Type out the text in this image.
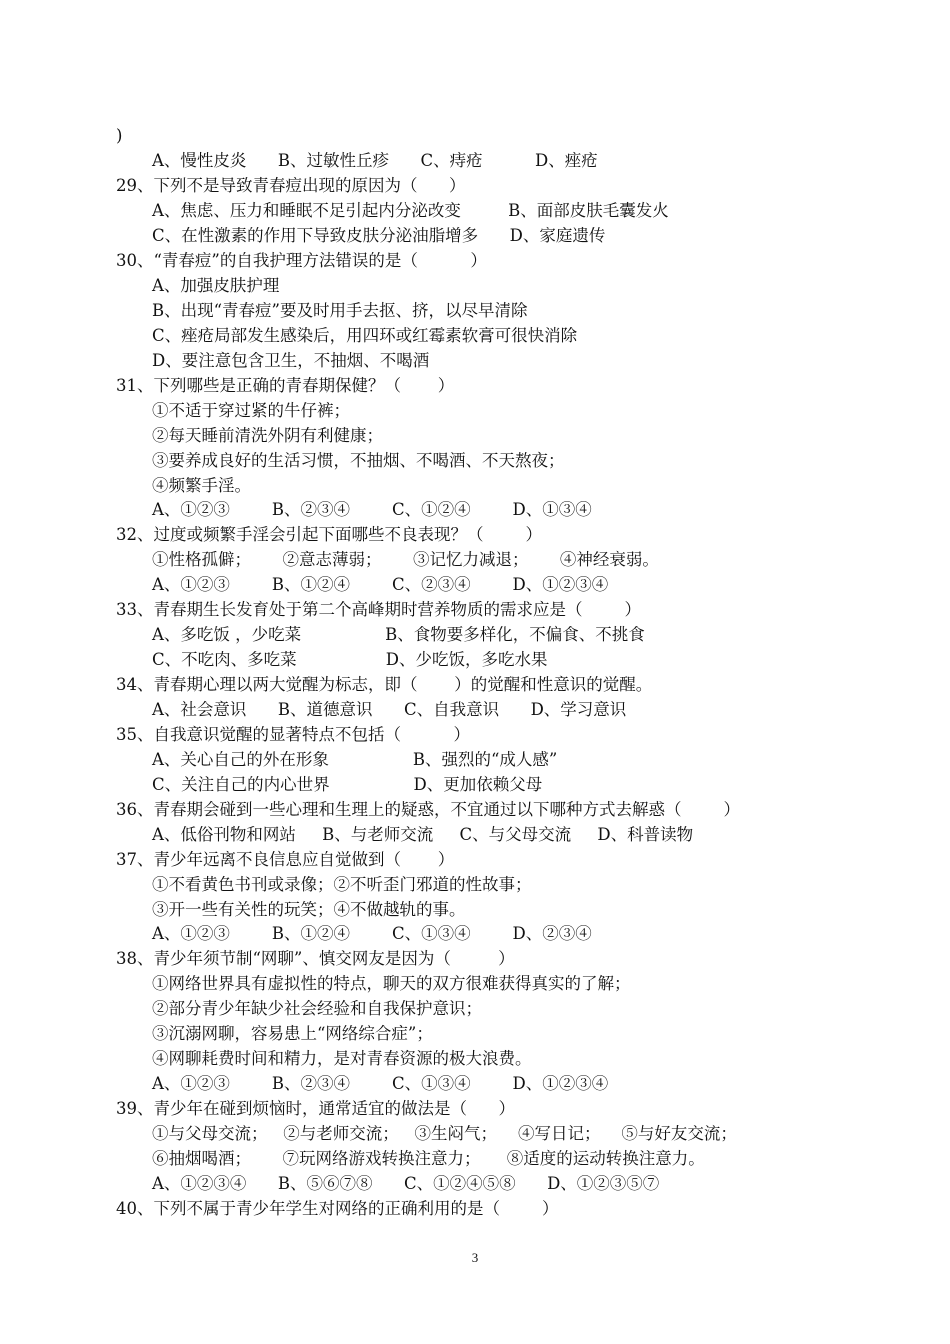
)
A、慢性皮炎      B、过敏性丘疹      C、痔疮          D、痤疮
29、下列不是导致青春痘出现的原因为（      ）
A、焦虑、压力和睡眠不足引起内分泌改变         B、面部皮肤毛囊发火
C、在性激素的作用下导致皮肤分泌油脂增多      D、家庭遗传
30、“青春痘”的自我护理方法错误的是（          ）
A、加强皮肤护理
B、出现“青春痘”要及时用手去抠、挤，以尽早清除
C、痤疮局部发生感染后，用四环或红霉素软膏可很快消除
D、要注意包含卫生，不抽烟、不喝酒
31、下列哪些是正确的青春期保健？（       ）
①不适于穿过紧的牛仔裤；
②每天睡前清洗外阴有利健康；
③要养成良好的生活习惯，不抽烟、不喝酒、不天熬夜；
④频繁手淫。
A、①②③        B、②③④        C、①②④        D、①③④
32、过度或频繁手淫会引起下面哪些不良表现？（        ）
①性格孤僻；      ②意志薄弱；      ③记忆力减退；      ④神经衰弱。
A、①②③        B、①②④        C、②③④        D、①②③④
33、青春期生长发育处于第二个高峰期时营养物质的需求应是（        ）
A、多吃饭 ，少吃菜                B、食物要多样化，不偏食、不挑食
C、不吃肉、多吃菜                 D、少吃饭，多吃水果
34、青春期心理以两大觉醒为标志，即（       ）的觉醒和性意识的觉醒。
A、社会意识      B、道德意识      C、自我意识      D、学习意识
35、自我意识觉醒的显著特点不包括（          ）
A、关心自己的外在形象                B、强烈的“成人感”
C、关注自己的内心世界                D、更加依赖父母
36、青春期会碰到一些心理和生理上的疑惑，不宜通过以下哪种方式去解惑（        ）
A、低俗刊物和网站     B、与老师交流     C、与父母交流     D、科普读物
37、青少年远离不良信息应自觉做到（       ）
①不看黄色书刊或录像；②不听歪门邪道的性故事；
③开一些有关性的玩笑；④不做越轨的事。
A、①②③        B、①②④        C、①③④        D、②③④
38、青少年须节制“网聊”、慎交网友是因为（         ）
①网络世界具有虚拟性的特点，聊天的双方很难获得真实的了解；
②部分青少年缺少社会经验和自我保护意识；
③沉溺网聊，容易患上“网络综合症”；
④网聊耗费时间和精力，是对青春资源的极大浪费。
A、①②③        B、②③④        C、①③④        D、①②③④
39、青少年在碰到烦恼时，通常适宜的做法是（      ）
①与父母交流；   ②与老师交流；   ③生闷气；    ④写日记；    ⑤与好友交流；
⑥抽烟喝酒；      ⑦玩网络游戏转换注意力；     ⑧适度的运动转换注意力。
A、①②③④      B、⑤⑥⑦⑧      C、①②④⑤⑧      D、①②③⑤⑦
40、下列不属于青少年学生对网络的正确利用的是（        ）
3
